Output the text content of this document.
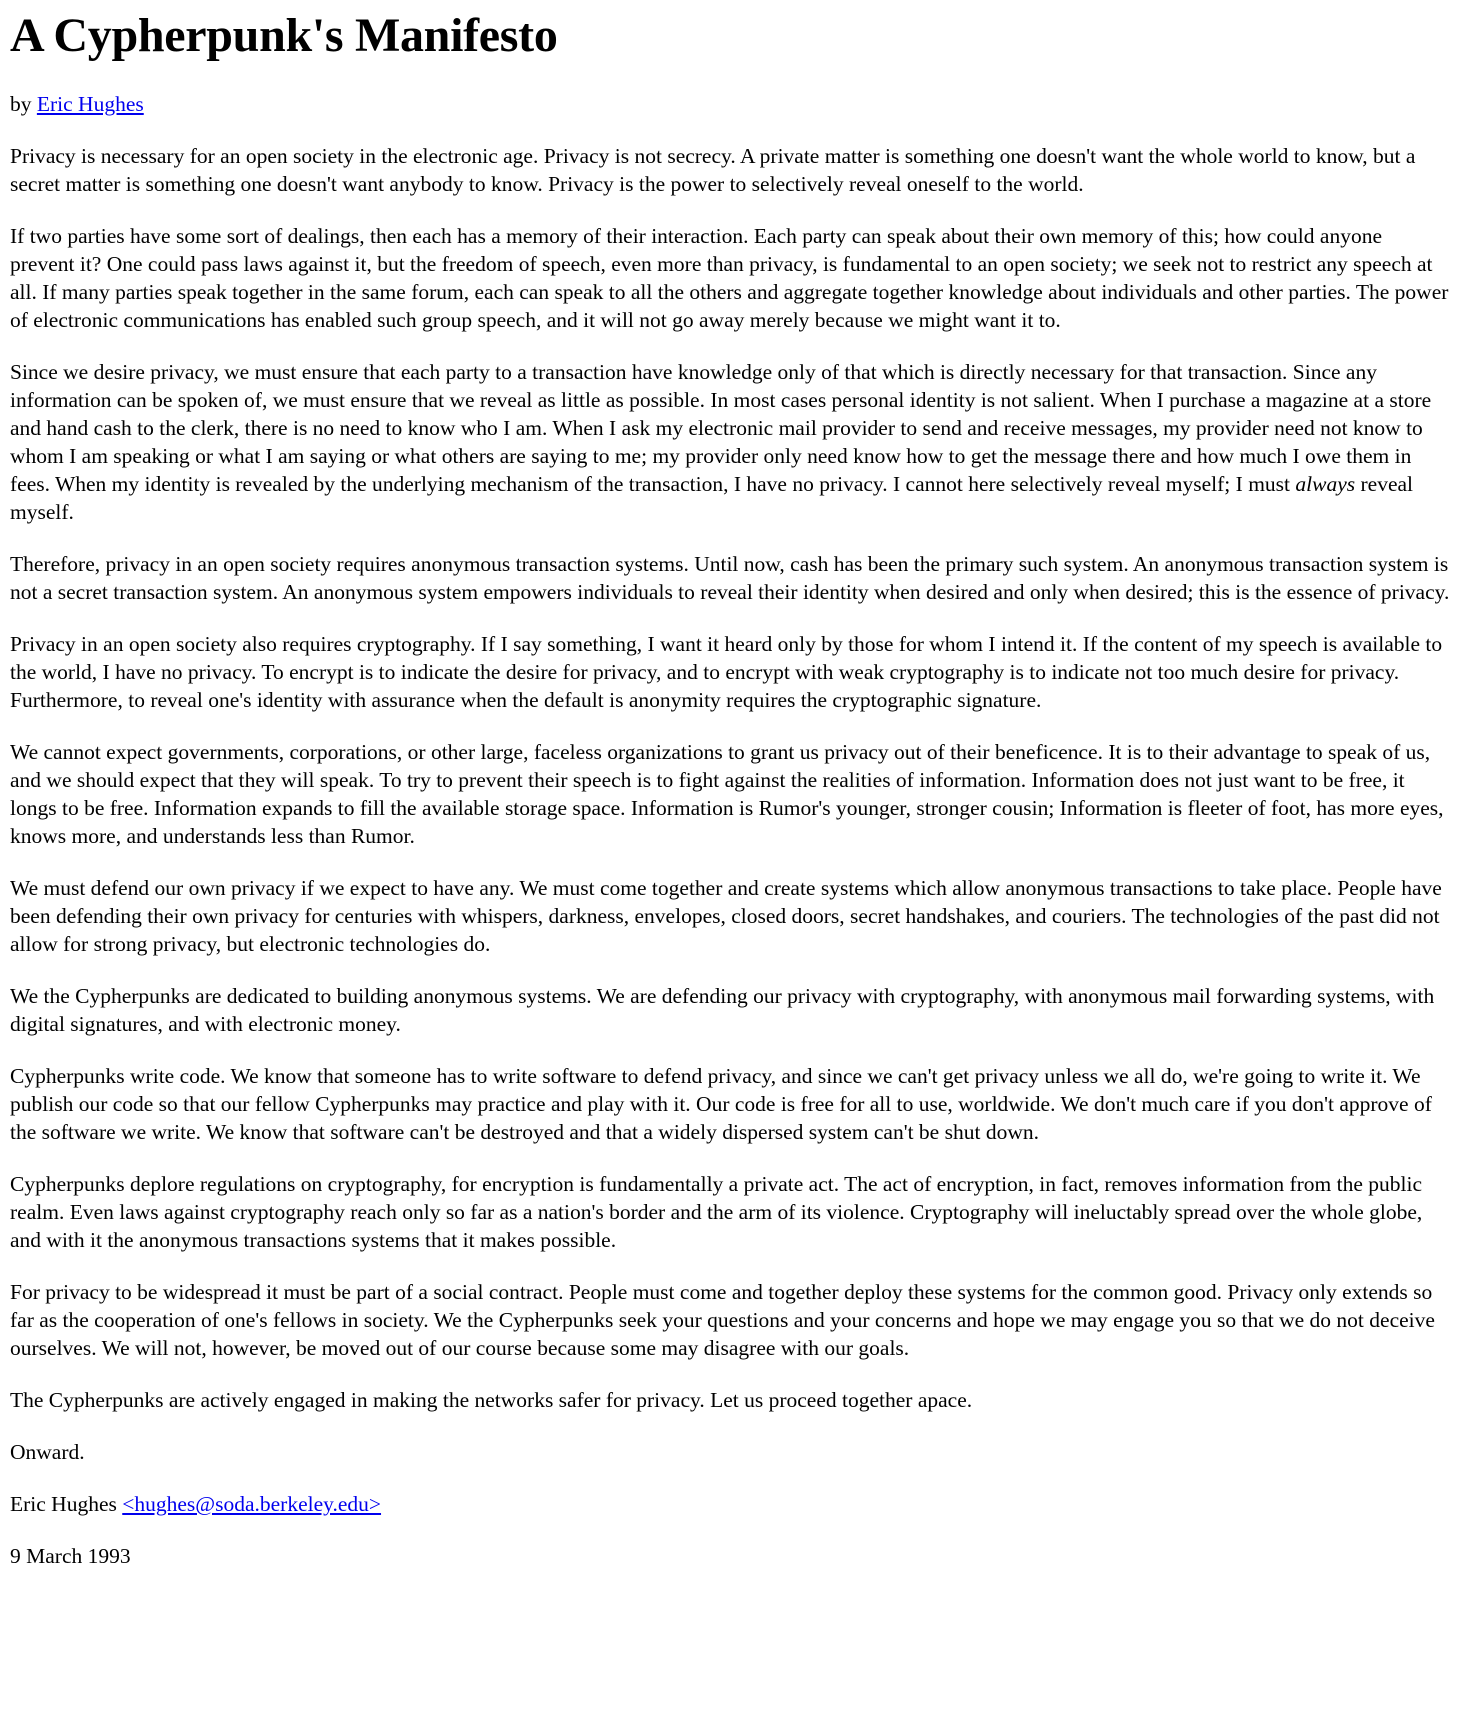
A Cypherpunk's Manifesto

by Eric Hughes

Privacy is necessary for an open society in the electronic age. Privacy is not secrecy. A private matter is something one doesn't want the whole world to know, but a secret matter is something one doesn't want anybody to know. Privacy is the power to selectively reveal oneself to the world.

If two parties have some sort of dealings, then each has a memory of their interaction. Each party can speak about their own memory of this; how could anyone prevent it? One could pass laws against it, but the freedom of speech, even more than privacy, is fundamental to an open society; we seek not to restrict any speech at all. If many parties speak together in the same forum, each can speak to all the others and aggregate together knowledge about individuals and other parties. The power of electronic communications has enabled such group speech, and it will not go away merely because we might want it to.

Since we desire privacy, we must ensure that each party to a transaction have knowledge only of that which is directly necessary for that transaction. Since any information can be spoken of, we must ensure that we reveal as little as possible. In most cases personal identity is not salient. When I purchase a magazine at a store and hand cash to the clerk, there is no need to know who I am. When I ask my electronic mail provider to send and receive messages, my provider need not know to whom I am speaking or what I am saying or what others are saying to me; my provider only need know how to get the message there and how much I owe them in fees. When my identity is revealed by the underlying mechanism of the transaction, I have no privacy. I cannot here selectively reveal myself; I must always reveal myself.

Therefore, privacy in an open society requires anonymous transaction systems. Until now, cash has been the primary such system. An anonymous transaction system is not a secret transaction system. An anonymous system empowers individuals to reveal their identity when desired and only when desired; this is the essence of privacy.

Privacy in an open society also requires cryptography. If I say something, I want it heard only by those for whom I intend it. If the content of my speech is available to the world, I have no privacy. To encrypt is to indicate the desire for privacy, and to encrypt with weak cryptography is to indicate not too much desire for privacy. Furthermore, to reveal one's identity with assurance when the default is anonymity requires the cryptographic signature.

We cannot expect governments, corporations, or other large, faceless organizations to grant us privacy out of their beneficence. It is to their advantage to speak of us, and we should expect that they will speak. To try to prevent their speech is to fight against the realities of information. Information does not just want to be free, it longs to be free. Information expands to fill the available storage space. Information is Rumor's younger, stronger cousin; Information is fleeter of foot, has more eyes, knows more, and understands less than Rumor.

We must defend our own privacy if we expect to have any. We must come together and create systems which allow anonymous transactions to take place. People have been defending their own privacy for centuries with whispers, darkness, envelopes, closed doors, secret handshakes, and couriers. The technologies of the past did not allow for strong privacy, but electronic technologies do.

We the Cypherpunks are dedicated to building anonymous systems. We are defending our privacy with cryptography, with anonymous mail forwarding systems, with digital signatures, and with electronic money.

Cypherpunks write code. We know that someone has to write software to defend privacy, and since we can't get privacy unless we all do, we're going to write it. We publish our code so that our fellow Cypherpunks may practice and play with it. Our code is free for all to use, worldwide. We don't much care if you don't approve of the software we write. We know that software can't be destroyed and that a widely dispersed system can't be shut down.

Cypherpunks deplore regulations on cryptography, for encryption is fundamentally a private act. The act of encryption, in fact, removes information from the public realm. Even laws against cryptography reach only so far as a nation's border and the arm of its violence. Cryptography will ineluctably spread over the whole globe, and with it the anonymous transactions systems that it makes possible.

For privacy to be widespread it must be part of a social contract. People must come and together deploy these systems for the common good. Privacy only extends so far as the cooperation of one's fellows in society. We the Cypherpunks seek your questions and your concerns and hope we may engage you so that we do not deceive ourselves. We will not, however, be moved out of our course because some may disagree with our goals.

The Cypherpunks are actively engaged in making the networks safer for privacy. Let us proceed together apace.

Onward.

Eric Hughes <hughes@soda.berkeley.edu>

9 March 1993
